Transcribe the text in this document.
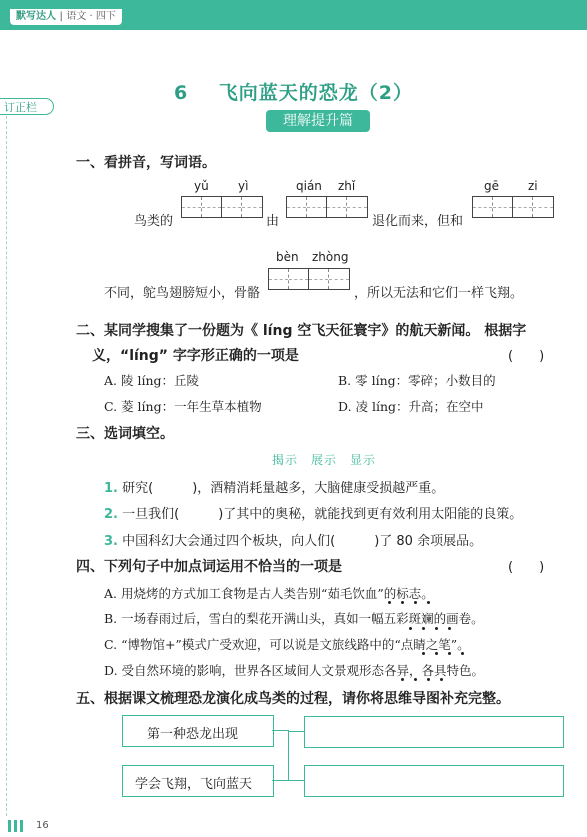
默写达人 | 语文 · 四下
订正栏
6 飞向蓝天的恐龙（2）
理解提升篇
一、看拼音，写词语。
yǔ yì	qián zhǐ	gē zi
鸟类的	由	退化而来，但和
bèn zhòng
不同，鸵鸟翅膀短小，骨骼	，所以无法和它们一样飞翔。
二、某同学搜集了一份题为《 líng 空飞天征寰宇》的航天新闻。 根据字
义，“líng” 字字形正确的一项是	(　　)
A. 陵 líng：丘陵	B. 零 líng：零碎；小数目的
C. 菱 líng：一年生草本植物	D. 凌 líng：升高；在空中
三、选词填空。
揭示　展示　显示
1. 研究(　　　)，酒精消耗量越多，大脑健康受损越严重。
2. 一旦我们(　　　)了其中的奥秘，就能找到更有效利用太阳能的良策。
3. 中国科幻大会通过四个板块，向人们(　　　)了 80 余项展品。
四、下列句子中加点词运用不恰当的一项是	(　　)
A. 用烧烤的方式加工食物是古人类告别“茹毛饮血”的标志。
B. 一场春雨过后，雪白的梨花开满山头，真如一幅五彩斑斓的画卷。
C. “博物馆+”模式广受欢迎，可以说是文旅线路中的“点睛之笔”。
D. 受自然环境的影响，世界各区域间人文景观形态各异，各具特色。
五、根据课文梳理恐龙演化成鸟类的过程，请你将思维导图补充完整。
第一种恐龙出现
学会飞翔，飞向蓝天
16
